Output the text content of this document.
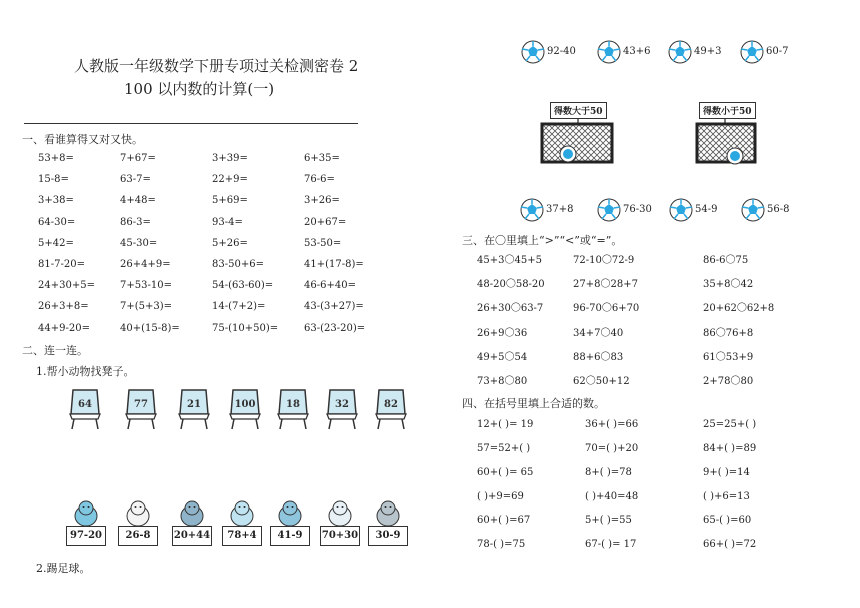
人教版一年级数学下册专项过关检测密卷 2
100 以内数的计算(一)
一、看谁算得又对又快。
53+8=	7+67=	3+39=	6+35=
15-8=	63-7=	22+9=	76-6=
3+38=	4+48=	5+69=	3+26=
64-30=	86-3=	93-4=	20+67=
5+42=	45-30=	5+26=	53-50=
81-7-20=	26+4+9=	83-50+6=	41+(17-8)=
24+30+5=	7+53-10=	54-(63-60)=	46-6+40=
26+3+8=	7+(5+3)=	14-(7+2)=	43-(3+27)=
44+9-20=	40+(15-8)=	75-(10+50)=	63-(23-20)=
二、连一连。
1.帮小动物找凳子。
64	77	21	100	18	32	82
97-20	26-8	20+44	78+4	41-9	70+30	30-9
2.踢足球。
92-40	43+6	49+3	60-7
得数大于50	得数小于50
37+8	76-30	54-9	56-8
三、在〇里填上“>”“<”或“=”。
45+3〇45+5	72-10〇72-9	86-6〇75
48-20〇58-20	27+8〇28+7	35+8〇42
26+30〇63-7	96-70〇6+70	20+62〇62+8
26+9〇36	34+7〇40	86〇76+8
49+5〇54	88+6〇83	61〇53+9
73+8〇80	62〇50+12	2+78〇80
四、在括号里填上合适的数。
12+( )= 19	36+( )=66	25=25+( )
57=52+( )	70=( )+20	84+( )=89
60+( )= 65	8+( )=78	9+( )=14
( )+9=69	( )+40=48	( )+6=13
60+( )=67	5+( )=55	65-( )=60
78-( )=75	67-( )= 17	66+( )=72
